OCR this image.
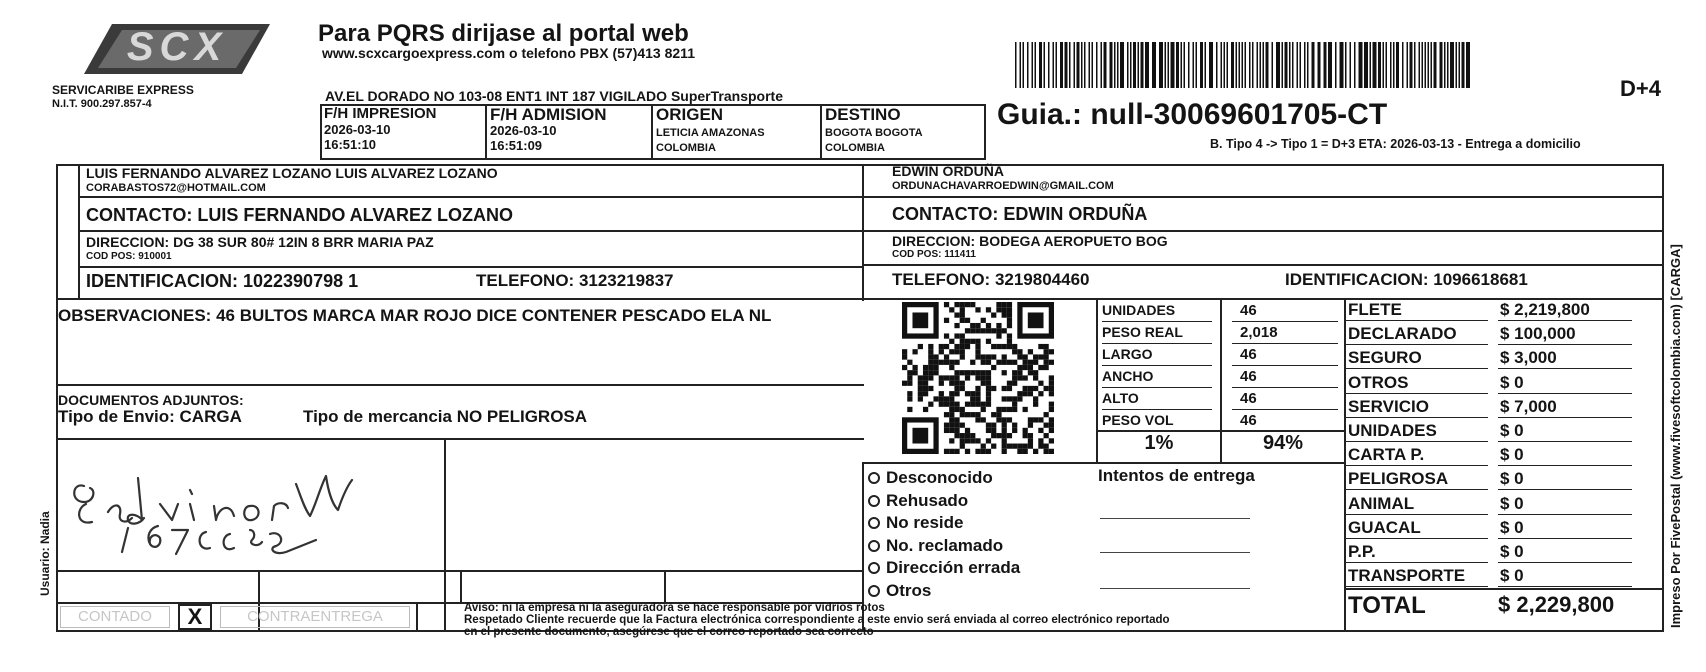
SCX
SERVICARIBE EXPRESS
N.I.T. 900.297.857-4
Para PQRS dirijase al portal web
www.scxcargoexpress.com o telefono PBX (57)413 8211
D+4
AV.EL DORADO NO 103-08 ENT1 INT 187 VIGILADO SuperTransporte
F/H IMPRESION
2026-03-10
16:51:10
F/H ADMISION
2026-03-10
16:51:09
ORIGEN
LETICIA AMAZONAS
COLOMBIA
DESTINO
BOGOTA BOGOTA
COLOMBIA
Guia.: null-30069601705-CT
B. Tipo 4 -> Tipo 1 = D+3 ETA: 2026-03-13 - Entrega a domicilio
LUIS FERNANDO ALVAREZ LOZANO LUIS ALVAREZ LOZANO
CORABASTOS72@HOTMAIL.COM
CONTACTO: LUIS FERNANDO ALVAREZ LOZANO
DIRECCION: DG 38 SUR 80# 12IN 8 BRR MARIA PAZ
COD POS: 910001
IDENTIFICACION: 1022390798 1	TELEFONO: 3123219837
EDWIN ORDUÑA
ORDUNACHAVARROEDWIN@GMAIL.COM
CONTACTO: EDWIN ORDUÑA
DIRECCION: BODEGA AEROPUETO BOG
COD POS: 111411
TELEFONO: 3219804460	IDENTIFICACION: 1096618681
OBSERVACIONES: 46 BULTOS MARCA MAR ROJO DICE CONTENER PESCADO ELA NL
DOCUMENTOS ADJUNTOS:
Tipo de Envio: CARGA	Tipo de mercancia NO PELIGROSA
UNIDADES	46
PESO REAL	2,018
LARGO	46
ANCHO	46
ALTO	46
PESO VOL	46
1%	94%
FLETE	$ 2,219,800
DECLARADO	$ 100,000
SEGURO	$ 3,000
OTROS	$ 0
SERVICIO	$ 7,000
UNIDADES	$ 0
CARTA P.	$ 0
PELIGROSA	$ 0
ANIMAL	$ 0
GUACAL	$ 0
P.P.	$ 0
TRANSPORTE $ 0
TOTAL	$ 2,229,800
CONTADO	X	CONTRAENTREGA
Desconocido
Rehusado
No reside
No. reclamado
Dirección errada
Otros
Intentos de entrega
Aviso: ni la empresa ni la aseguradora se hace responsable por vidrios rotos
Respetado Cliente recuerde que la Factura electrónica correspondiente a este envio será enviada al correo electrónico reportado
en el presente documento, asegúrese que el correo reportado sea correcto
Usuario: Nadia	Impreso Por FivePostal (www.fivesoftcolombia.com) [CARGA]
